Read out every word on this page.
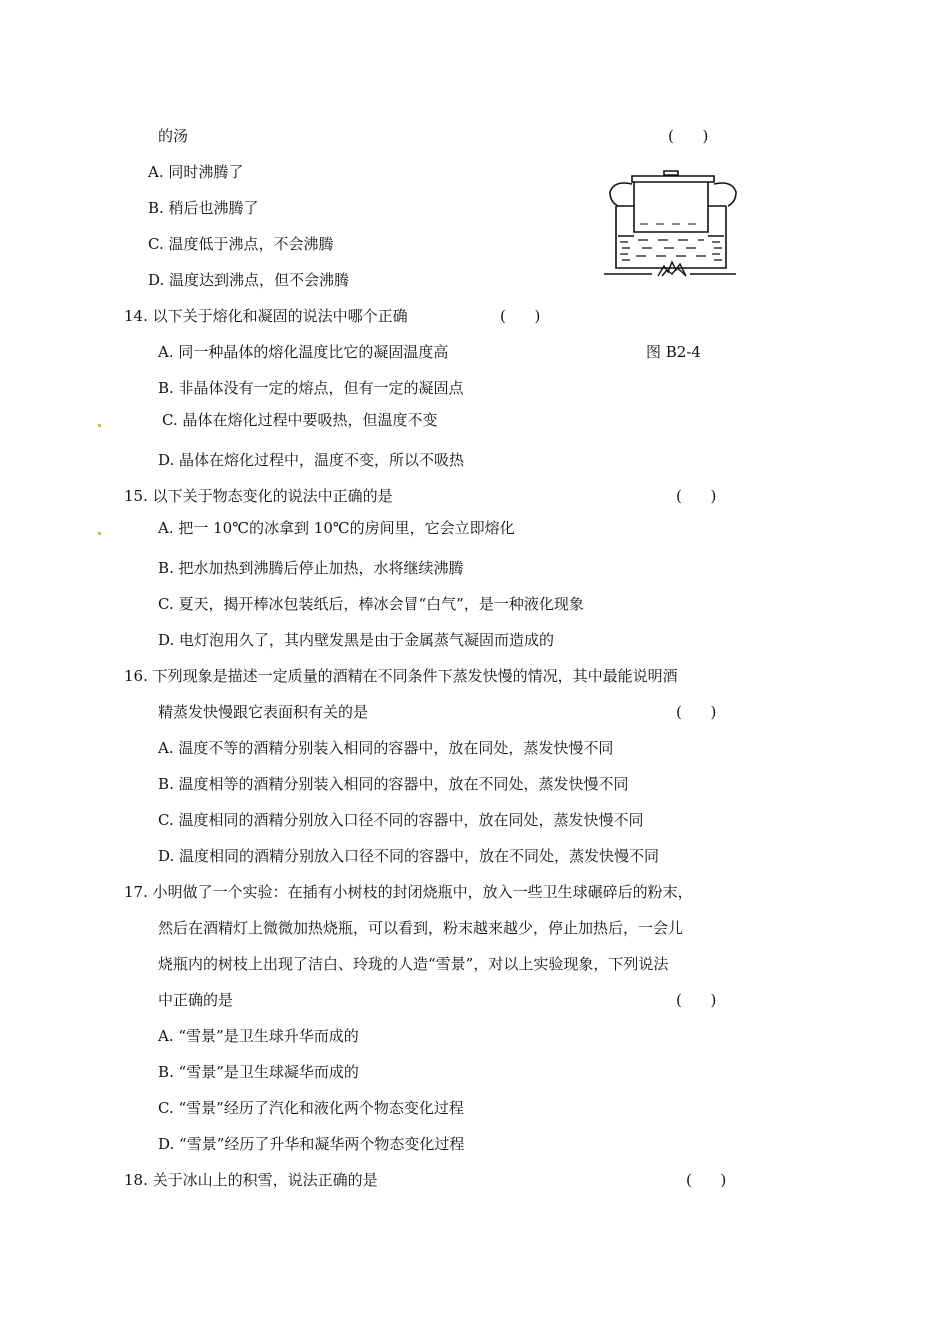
的汤	(      )
A. 同时沸腾了
B. 稍后也沸腾了
C. 温度低于沸点，不会沸腾
D. 温度达到沸点，但不会沸腾
图 B2-4
14. 以下关于熔化和凝固的说法中哪个正确	(      )
A. 同一种晶体的熔化温度比它的凝固温度高
B. 非晶体没有一定的熔点，但有一定的凝固点
C. 晶体在熔化过程中要吸热，但温度不变
D. 晶体在熔化过程中，温度不变，所以不吸热
15. 以下关于物态变化的说法中正确的是	(      )
A. 把一 10℃的冰拿到 10℃的房间里，它会立即熔化
B. 把水加热到沸腾后停止加热，水将继续沸腾
C. 夏天，揭开棒冰包装纸后，棒冰会冒“白气”，是一种液化现象
D. 电灯泡用久了，其内壁发黑是由于金属蒸气凝固而造成的
16. 下列现象是描述一定质量的酒精在不同条件下蒸发快慢的情况，其中最能说明酒
精蒸发快慢跟它表面积有关的是	(      )
A. 温度不等的酒精分别装入相同的容器中，放在同处，蒸发快慢不同
B. 温度相等的酒精分别装入相同的容器中，放在不同处，蒸发快慢不同
C. 温度相同的酒精分别放入口径不同的容器中，放在同处，蒸发快慢不同
D. 温度相同的酒精分别放入口径不同的容器中，放在不同处，蒸发快慢不同
17. 小明做了一个实验：在插有小树枝的封闭烧瓶中，放入一些卫生球碾碎后的粉末，
然后在酒精灯上微微加热烧瓶，可以看到，粉末越来越少，停止加热后，一会儿
烧瓶内的树枝上出现了洁白、玲珑的人造“雪景”，对以上实验现象，下列说法
中正确的是	(      )
A. “雪景”是卫生球升华而成的
B. “雪景”是卫生球凝华而成的
C. “雪景”经历了汽化和液化两个物态变化过程
D. “雪景”经历了升华和凝华两个物态变化过程
18. 关于冰山上的积雪，说法正确的是	(      )
